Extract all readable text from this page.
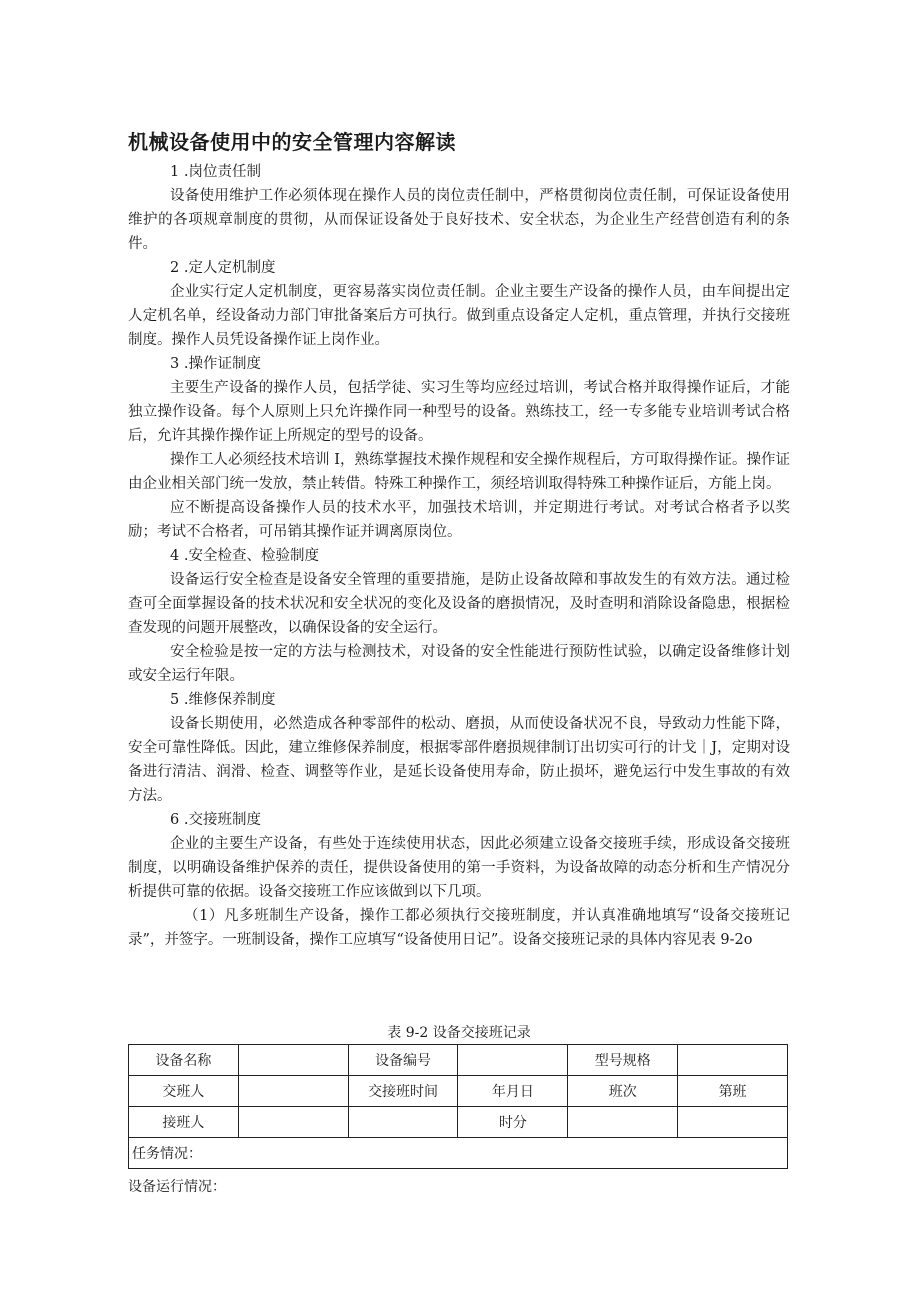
机械设备使用中的安全管理内容解读

1 .岗位责任制

设备使用维护工作必须体现在操作人员的岗位责任制中，严格贯彻岗位责任制，可保证设备使用维护的各项规章制度的贯彻，从而保证设备处于良好技术、安全状态，为企业生产经营创造有利的条件。

2 .定人定机制度

企业实行定人定机制度，更容易落实岗位责任制。企业主要生产设备的操作人员，由车间提出定人定机名单，经设备动力部门审批备案后方可执行。做到重点设备定人定机，重点管理，并执行交接班制度。操作人员凭设备操作证上岗作业。

3 .操作证制度

主要生产设备的操作人员，包括学徒、实习生等均应经过培训，考试合格并取得操作证后，才能独立操作设备。每个人原则上只允许操作同一种型号的设备。熟练技工，经一专多能专业培训考试合格后，允许其操作操作证上所规定的型号的设备。

操作工人必须经技术培训 I，熟练掌握技术操作规程和安全操作规程后，方可取得操作证。操作证由企业相关部门统一发放，禁止转借。特殊工种操作工，须经培训取得特殊工种操作证后，方能上岗。

应不断提高设备操作人员的技术水平，加强技术培训，并定期进行考试。对考试合格者予以奖励；考试不合格者，可吊销其操作证并调离原岗位。

4 .安全检查、检验制度

设备运行安全检查是设备安全管理的重要措施，是防止设备故障和事故发生的有效方法。通过检查可全面掌握设备的技术状况和安全状况的变化及设备的磨损情况，及时查明和消除设备隐患，根据检查发现的问题开展整改，以确保设备的安全运行。

安全检验是按一定的方法与检测技术，对设备的安全性能进行预防性试验，以确定设备维修计划或安全运行年限。

5 .维修保养制度

设备长期使用，必然造成各种零部件的松动、磨损，从而使设备状况不良，导致动力性能下降，安全可靠性降低。因此，建立维修保养制度，根据零部件磨损规律制订出切实可行的计戈｜J，定期对设备进行清洁、润滑、检查、调整等作业，是延长设备使用寿命，防止损坏，避免运行中发生事故的有效方法。

6 .交接班制度

企业的主要生产设备，有些处于连续使用状态，因此必须建立设备交接班手续，形成设备交接班制度，以明确设备维护保养的责任，提供设备使用的第一手资料，为设备故障的动态分析和生产情况分析提供可靠的依据。设备交接班工作应该做到以下几项。

（1）凡多班制生产设备，操作工都必须执行交接班制度，并认真准确地填写“设备交接班记录”，并签字。一班制设备，操作工应填写“设备使用日记”。设备交接班记录的具体内容见表 9-2o

表 9-2 设备交接班记录
设备名称		设备编号		型号规格	
交班人		交接班时间	年月日	班次	第班
接班人			时分		
任务情况：					
设备运行情况：
